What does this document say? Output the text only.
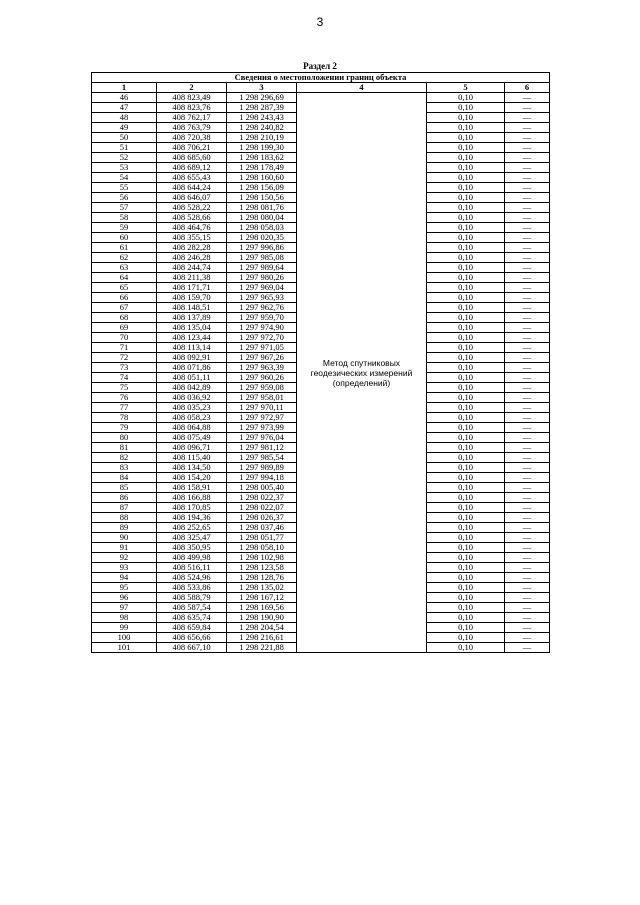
3
Раздел 2
Сведения о местоположении границ объекта					
1	2	3	4	5	6
46	408 823,49	1 298 296,69	Метод спутниковых геодезических измерений (определений)	0,10	—
47	408 823,76	1 298 287,39		0,10	—
48	408 762,17	1 298 243,43		0,10	—
49	408 763,79	1 298 240,82		0,10	—
50	408 720,38	1 298 210,19		0,10	—
51	408 706,21	1 298 199,30		0,10	—
52	408 685,60	1 298 183,62		0,10	—
53	408 689,12	1 298 178,49		0,10	—
54	408 655,43	1 298 160,60		0,10	—
55	408 644,24	1 298 156,09		0,10	—
56	408 646,07	1 298 150,56		0,10	—
57	408 528,22	1 298 081,76		0,10	—
58	408 528,66	1 298 080,04		0,10	—
59	408 464,76	1 298 058,03		0,10	—
60	408 355,15	1 298 020,35		0,10	—
61	408 282,28	1 297 996,86		0,10	—
62	408 246,28	1 297 985,08		0,10	—
63	408 244,74	1 297 989,64		0,10	—
64	408 211,38	1 297 980,26		0,10	—
65	408 171,71	1 297 969,04		0,10	—
66	408 159,70	1 297 965,93		0,10	—
67	408 148,51	1 297 962,76		0,10	—
68	408 137,89	1 297 959,70		0,10	—
69	408 135,04	1 297 974,90		0,10	—
70	408 123,44	1 297 972,70		0,10	—
71	408 113,14	1 297 971,05		0,10	—
72	408 092,91	1 297 967,26		0,10	—
73	408 071,86	1 297 963,39		0,10	—
74	408 051,11	1 297 960,26		0,10	—
75	408 042,89	1 297 959,08		0,10	—
76	408 036,92	1 297 958,01		0,10	—
77	408 035,23	1 297 970,11		0,10	—
78	408 058,23	1 297 972,97		0,10	—
79	408 064,88	1 297 973,99		0,10	—
80	408 075,49	1 297 976,04		0,10	—
81	408 096,71	1 297 981,12		0,10	—
82	408 115,40	1 297 985,54		0,10	—
83	408 134,50	1 297 989,89		0,10	—
84	408 154,20	1 297 994,18		0,10	—
85	408 158,91	1 298 005,40		0,10	—
86	408 166,88	1 298 022,37		0,10	—
87	408 170,85	1 298 022,07		0,10	—
88	408 194,36	1 298 026,37		0,10	—
89	408 252,65	1 298 037,46		0,10	—
90	408 325,47	1 298 051,77		0,10	—
91	408 350,95	1 298 058,10		0,10	—
92	408 499,98	1 298 102,98		0,10	—
93	408 516,11	1 298 123,58		0,10	—
94	408 524,96	1 298 128,76		0,10	—
95	408 533,86	1 298 135,02		0,10	—
96	408 588,79	1 298 167,12		0,10	—
97	408 587,54	1 298 169,56		0,10	—
98	408 635,74	1 298 190,90		0,10	—
99	408 659,84	1 298 204,54		0,10	—
100	408 656,66	1 298 216,61		0,10	—
101	408 667,10	1 298 221,88		0,10	—
